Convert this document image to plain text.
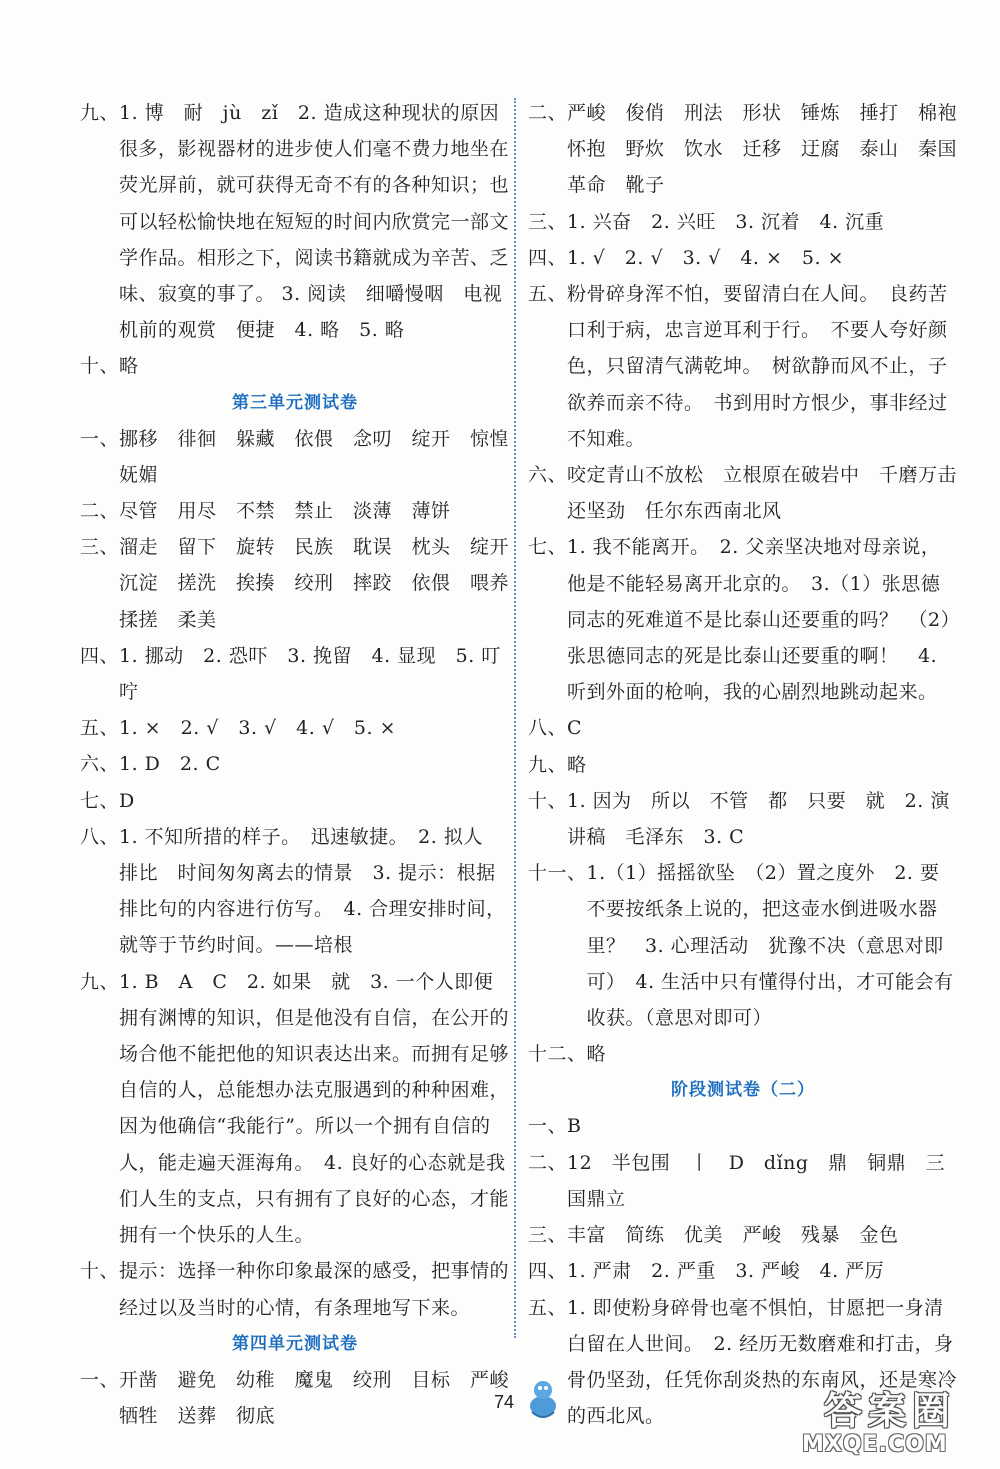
九、 1. 博　耐　jù　zǐ　2. 造成这种现状的原因很多，影视器材的进步使人们毫不费力地坐在荧光屏前，就可获得无奇不有的各种知识；也可以轻松愉快地在短短的时间内欣赏完一部文学作品。相形之下，阅读书籍就成为辛苦、乏味、寂寞的事了。 3. 阅读　细嚼慢咽　电视机前的观赏　便捷　4. 略　5. 略
十、 略
第三单元测试卷
一、 挪移　徘徊　躲藏　依偎　念叨　绽开　惊惶　妩媚
二、 尽管　用尽　不禁　禁止　淡薄　薄饼
三、 溜走　留下　旋转　民族　耽误　枕头　绽开　沉淀　搓洗　挨揍　绞刑　摔跤　依偎　喂养　揉搓　柔美
四、 1. 挪动　2. 恐吓　3. 挽留　4. 显现　5. 叮咛
五、 1. ×　2. √　3. √　4. √　5. ×
六、 1. D　2. C
七、 D
八、 1. 不知所措的样子。　迅速敏捷。　2. 拟人　排比　时间匆匆离去的情景　3. 提示：根据排比句的内容进行仿写。　4. 合理安排时间，就等于节约时间。——培根
九、 1. B　A　C　2. 如果　就　3. 一个人即便拥有渊博的知识，但是他没有自信，在公开的场合他不能把他的知识表达出来。而拥有足够自信的人，总能想办法克服遇到的种种困难，因为他确信“我能行”。所以一个拥有自信的人，能走遍天涯海角。　4. 良好的心态就是我们人生的支点，只有拥有了良好的心态，才能拥有一个快乐的人生。
十、 提示：选择一种你印象最深的感受，把事情的经过以及当时的心情，有条理地写下来。
第四单元测试卷
一、 开凿　避免　幼稚　魔鬼　绞刑　目标　严峻　牺牲　送葬　彻底
二、 严峻　俊俏　刑法　形状　锤炼　捶打　棉袍　怀抱　野炊　饮水　迁移　迂腐　泰山　秦国　革命　靴子
三、 1. 兴奋　2. 兴旺　3. 沉着　4. 沉重
四、 1. √　2. √　3. √　4. ×　5. ×
五、 粉骨碎身浑不怕，要留清白在人间。　良药苦口利于病，忠言逆耳利于行。　不要人夸好颜色，只留清气满乾坤。　树欲静而风不止，子欲养而亲不待。　书到用时方恨少，事非经过不知难。
六、 咬定青山不放松　立根原在破岩中　千磨万击还坚劲　任尔东西南北风
七、 1. 我不能离开。　2. 父亲坚决地对母亲说，他是不能轻易离开北京的。　3.（1）张思德同志的死难道不是比泰山还要重的吗？　（2）张思德同志的死是比泰山还要重的啊！　4. 听到外面的枪响，我的心剧烈地跳动起来。
八、 C
九、 略
十、 1. 因为　所以　不管　都　只要　就　2. 演讲稿　毛泽东　3. C
十一、 1.（1）摇摇欲坠　（2）置之度外　2. 要不要按纸条上说的，把这壶水倒进吸水器里？　3. 心理活动　犹豫不决（意思对即可）　4. 生活中只有懂得付出，才可能会有收获。（意思对即可）
十二、 略
阶段测试卷（二）
一、 B
二、 12　半包围　丨　D　dǐng　鼎　铜鼎　三国鼎立
三、 丰富　简练　优美　严峻　残暴　金色
四、 1. 严肃　2. 严重　3. 严峻　4. 严厉
五、 1. 即使粉身碎骨也毫不惧怕，甘愿把一身清白留在人世间。　2. 经历无数磨难和打击，身骨仍坚劲，任凭你刮炎热的东南风，还是寒冷的西北风。
74	答案圈
MXQE.COM
